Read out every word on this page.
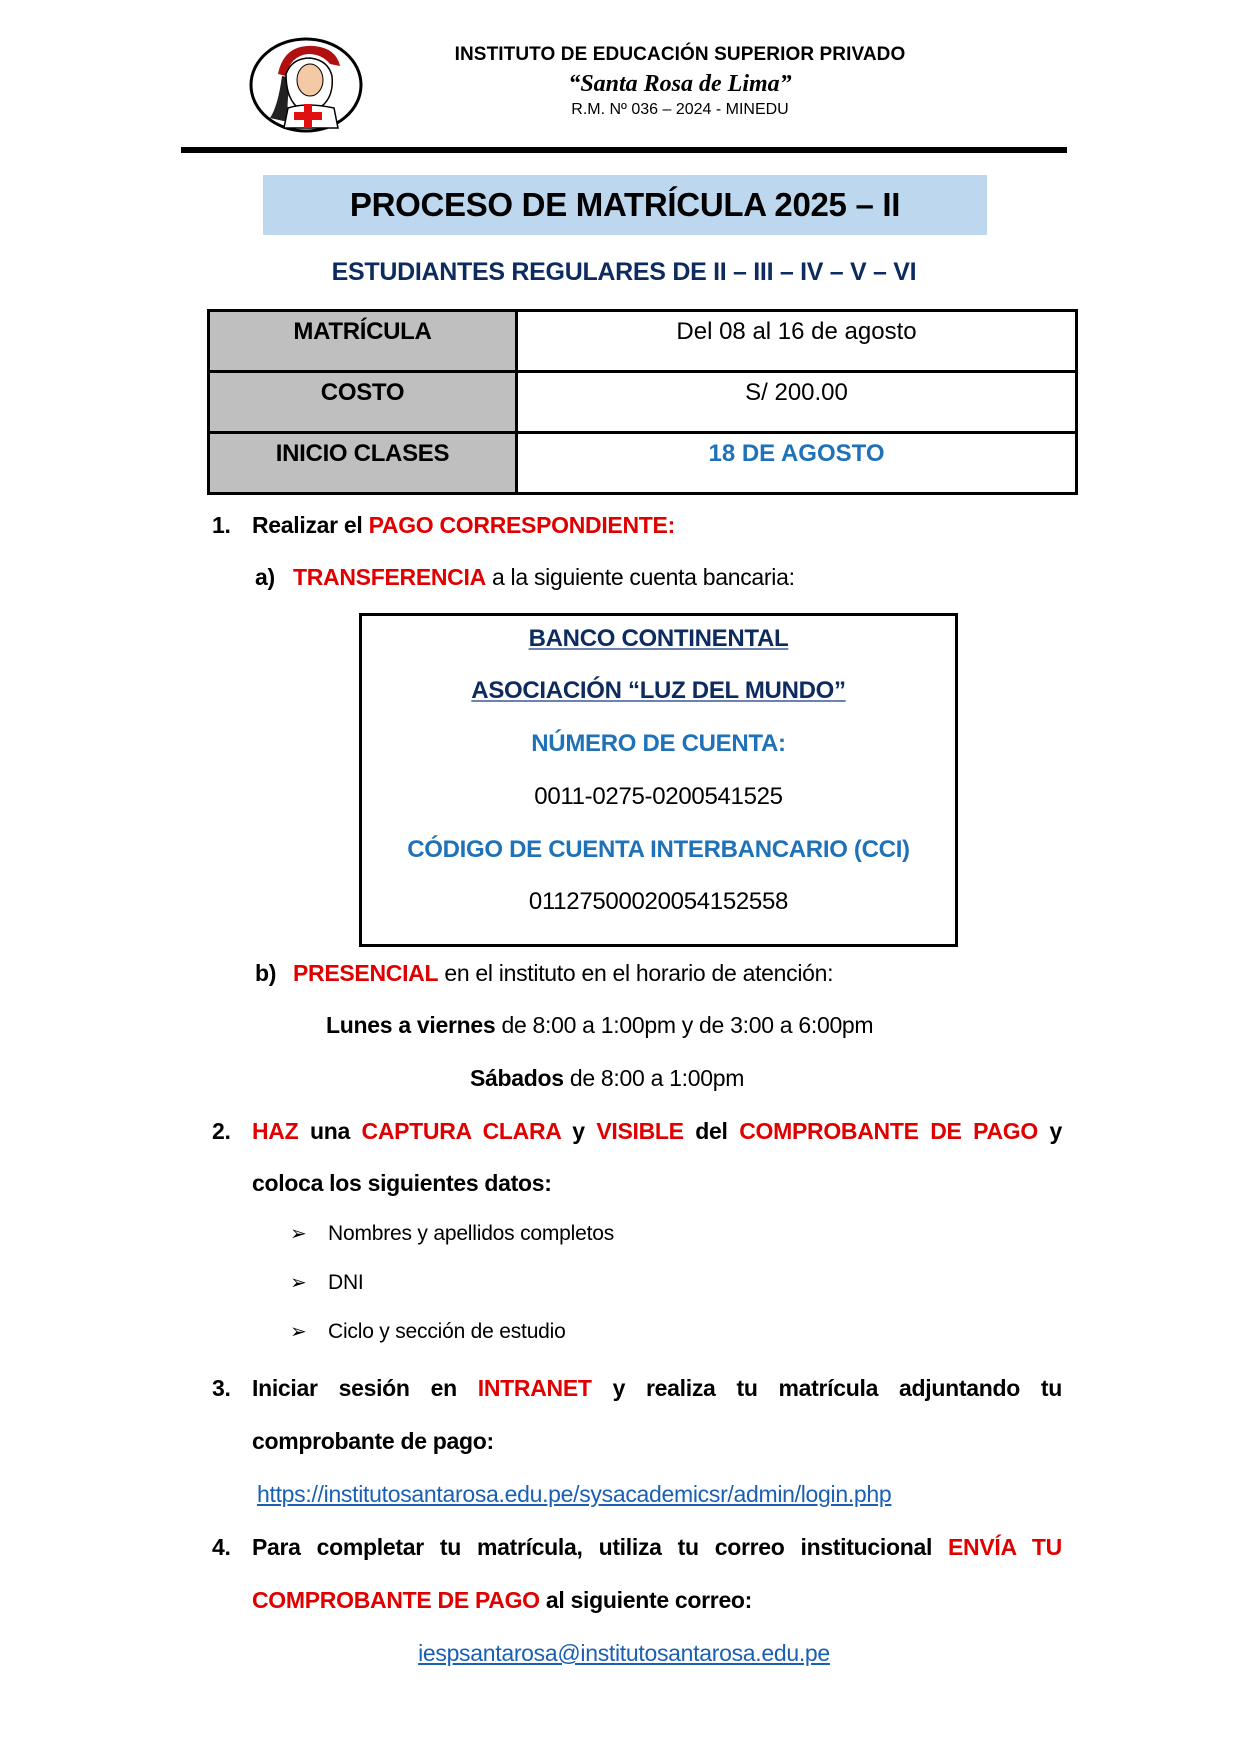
INSTITUTO DE EDUCACIÓN SUPERIOR PRIVADO
“Santa Rosa de Lima”
R.M. Nº 036 – 2024 - MINEDU
PROCESO DE MATRÍCULA 2025 – II
ESTUDIANTES REGULARES DE II – III – IV – V – VI
MATRÍCULA	Del 08 al 16 de agosto
COSTO	S/ 200.00
INICIO CLASES	18 DE AGOSTO
1. Realizar el PAGO CORRESPONDIENTE:
a) TRANSFERENCIA a la siguiente cuenta bancaria:
BANCO CONTINENTAL
ASOCIACIÓN “LUZ DEL MUNDO”
NÚMERO DE CUENTA:
0011-0275-0200541525
CÓDIGO DE CUENTA INTERBANCARIO (CCI)
01127500020054152558
b) PRESENCIAL en el instituto en el horario de atención:
Lunes a viernes de 8:00 a 1:00pm y de 3:00 a 6:00pm
Sábados de 8:00 a 1:00pm
2. HAZ una CAPTURA CLARA y VISIBLE del COMPROBANTE DE PAGO y
coloca los siguientes datos:
➢ Nombres y apellidos completos
➢ DNI
➢ Ciclo y sección de estudio
3. Iniciar sesión en INTRANET y realiza tu matrícula adjuntando tu
comprobante de pago:
https://institutosantarosa.edu.pe/sysacademicsr/admin/login.php
4. Para completar tu matrícula, utiliza tu correo institucional ENVÍA TU
COMPROBANTE DE PAGO al siguiente correo:
iespsantarosa@institutosantarosa.edu.pe
